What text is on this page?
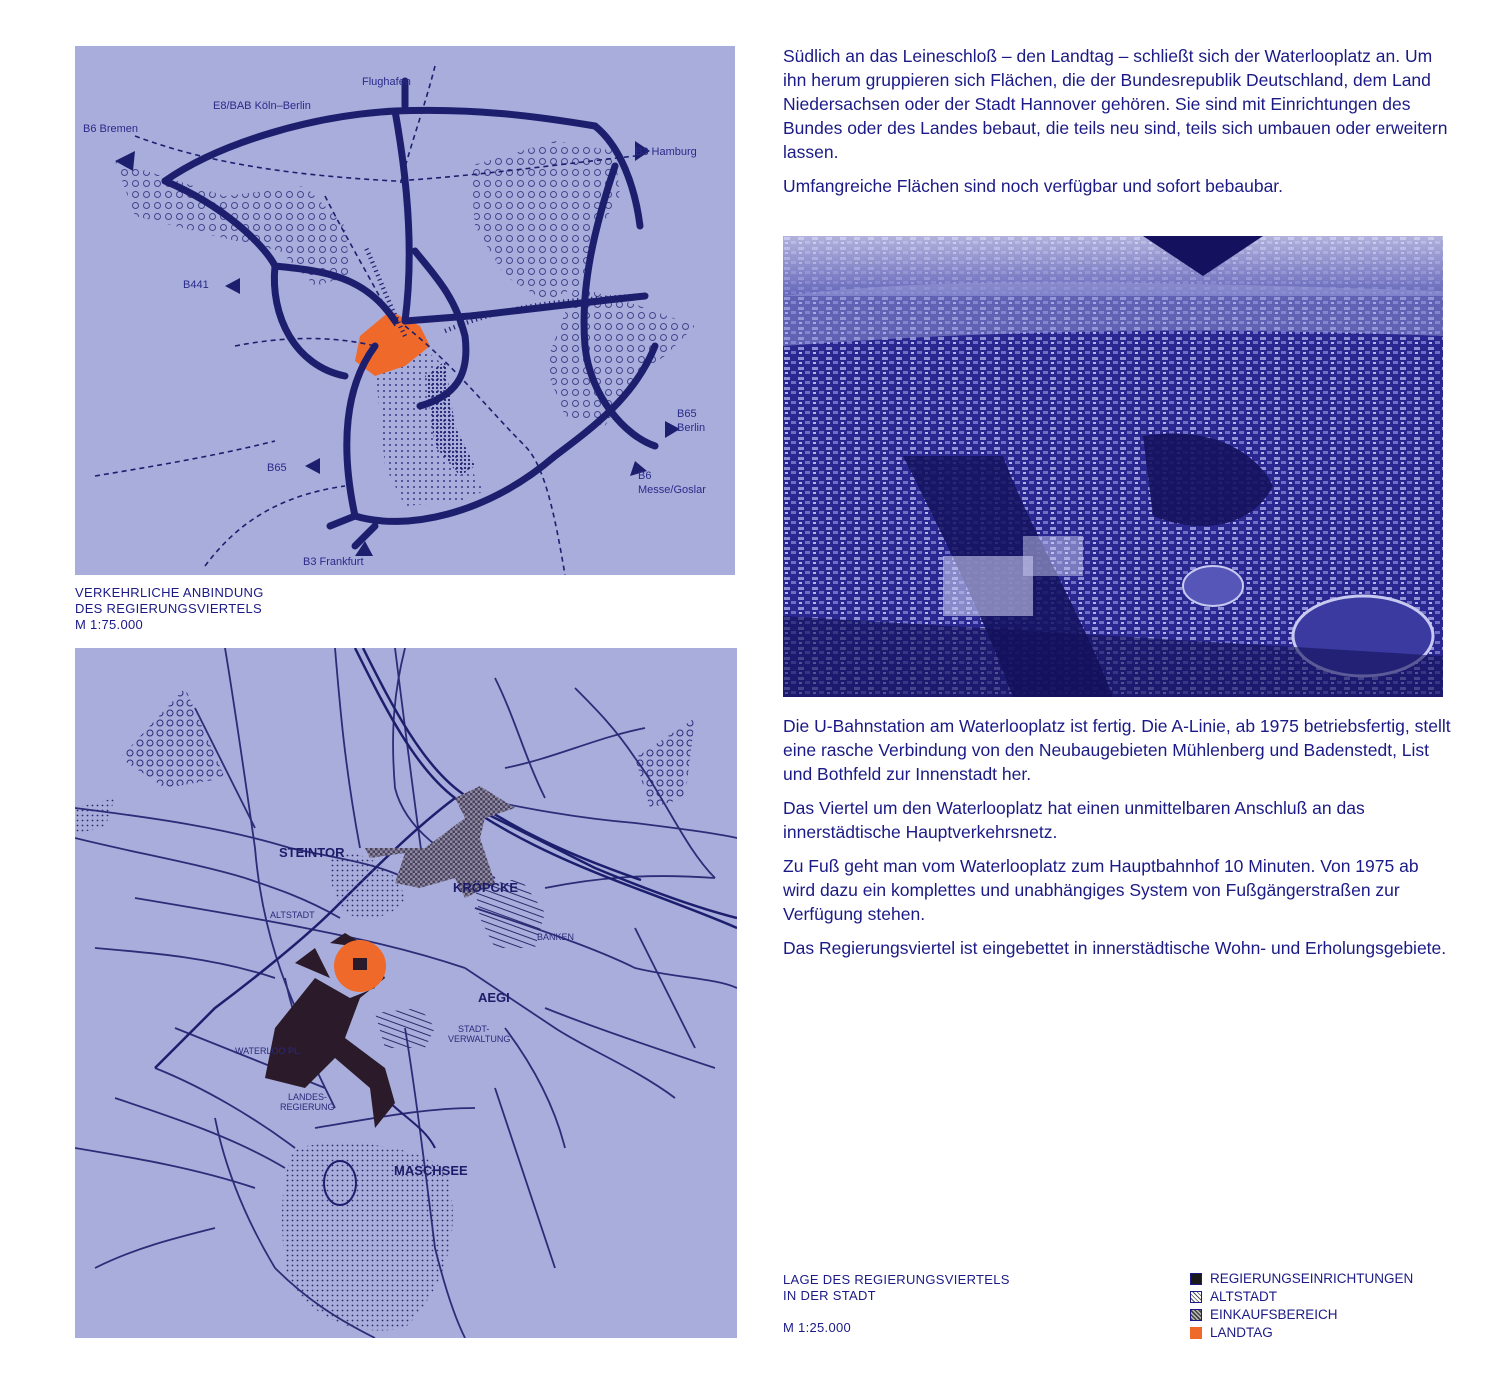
Flughafen
E8/BAB Köln–Berlin
B6 Bremen
B3 Hamburg
B441
B65
Berlin
B65
B6
Messe/Goslar
B3 Frankfurt
VERKEHRLICHE ANBINDUNG
DES REGIERUNGSVIERTELS
M 1:75.000
STEINTOR
KRÖPCKE
ALTSTADT
BANKEN
AEGI
STADT-
VERWALTUNG
WATERLOO PL.
LANDES-
REGIERUNG
MASCHSEE

Südlich an das Leineschloß – den Landtag – schließt sich der Waterlooplatz an. Um ihn herum gruppieren sich Flächen, die der Bundesrepublik Deutschland, dem Land Niedersachsen oder der Stadt Hannover gehören. Sie sind mit Einrichtungen des Bundes oder des Landes bebaut, die teils neu sind, teils sich umbauen oder erweitern lassen.

Umfangreiche Flächen sind noch verfügbar und sofort bebaubar.

Die U-Bahnstation am Waterlooplatz ist fertig. Die A-Linie, ab 1975 betriebsfertig, stellt eine rasche Verbindung von den Neubaugebieten Mühlenberg und Badenstedt, List und Bothfeld zur Innenstadt her.

Das Viertel um den Waterlooplatz hat einen unmittelbaren Anschluß an das innerstädtische Hauptverkehrsnetz.

Zu Fuß geht man vom Waterlooplatz zum Hauptbahnhof 10 Minuten. Von 1975 ab wird dazu ein komplettes und unabhängiges System von Fußgängerstraßen zur Verfügung stehen.

Das Regierungsviertel ist eingebettet in innerstädtische Wohn- und Erholungsgebiete.

LAGE DES REGIERUNGSVIERTELS
IN DER STADT
M 1:25.000
REGIERUNGSEINRICHTUNGEN
ALTSTADT
EINKAUFSBEREICH
LANDTAG
